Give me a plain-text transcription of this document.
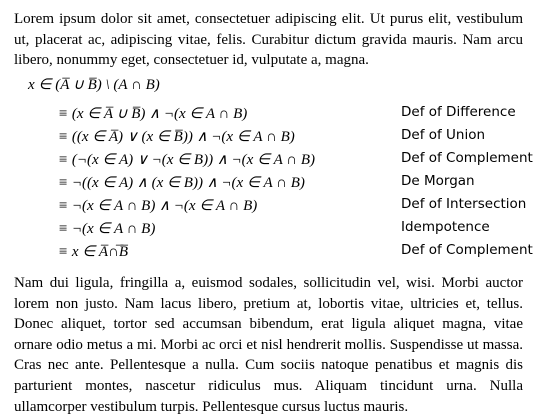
Lorem ipsum dolor sit amet, consectetuer adipiscing elit. Ut purus elit, vestibulum ut, placerat ac, adipiscing vitae, felis. Curabitur dictum gravida mauris. Nam arcu libero, nonummy eget, consectetuer id, vulputate a, magna.

x ∈ (A̅ ∪ B̅) \ (A ∩ B)
≡ (x ∈ A̅ ∪ B̅) ∧ ¬(x ∈ A ∩ B)	Def of Difference
≡ ((x ∈ A̅) ∨ (x ∈ B̅)) ∧ ¬(x ∈ A ∩ B)	Def of Union
≡ (¬(x ∈ A) ∨ ¬(x ∈ B)) ∧ ¬(x ∈ A ∩ B)	Def of Complement
≡ ¬((x ∈ A) ∧ (x ∈ B)) ∧ ¬(x ∈ A ∩ B)	De Morgan
≡ ¬(x ∈ A ∩ B) ∧ ¬(x ∈ A ∩ B)	Def of Intersection
≡ ¬(x ∈ A ∩ B)	Idempotence
≡ x ∈ A̅∩̅B̅	Def of Complement

Nam dui ligula, fringilla a, euismod sodales, sollicitudin vel, wisi. Morbi auctor lorem non justo. Nam lacus libero, pretium at, lobortis vitae, ultricies et, tellus. Donec aliquet, tortor sed accumsan bibendum, erat ligula aliquet magna, vitae ornare odio metus a mi. Morbi ac orci et nisl hendrerit mollis. Suspendisse ut massa. Cras nec ante. Pellentesque a nulla. Cum sociis natoque penatibus et magnis dis parturient montes, nascetur ridiculus mus. Aliquam tincidunt urna. Nulla ullamcorper vestibulum turpis. Pellentesque cursus luctus mauris.
